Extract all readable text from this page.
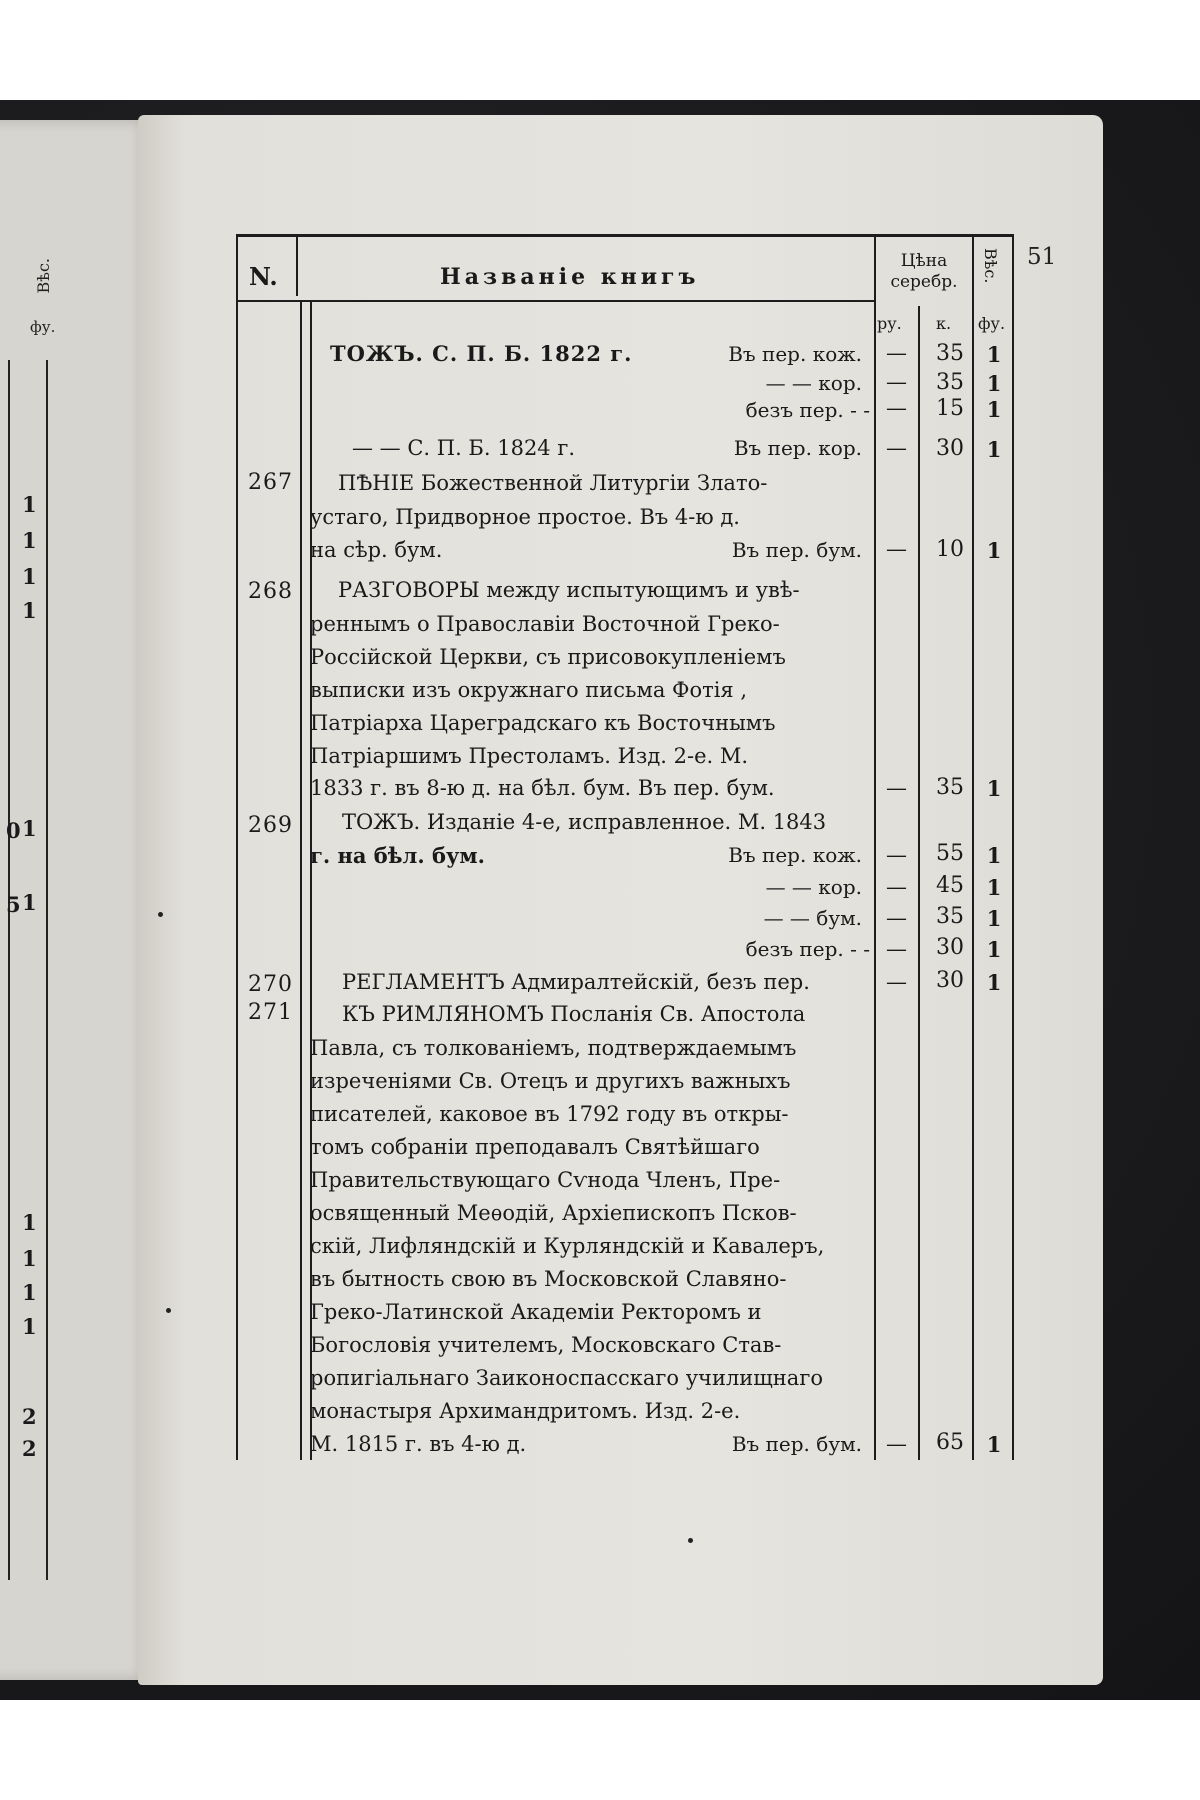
Вѣс.
фу.
1
1
1
1
0 1
5 1
1
1
1
1
2
2
51
N.	Названіе книгъ
Цѣна серебр.	Вѣс.
ру. к. фу.
ТОЖЪ. С. П. Б. 1822 г.	Въ пер. кож. — 35 1
— — кор. — 35 1
безъ пер. - - — 15 1
— — С. П. Б. 1824 г.	Въ пер. кор. — 30 1
267 ПѢНІЕ Божественной Литургіи Злато-
устаго, Придворное простое. Въ 4-ю д.
на сѣр. бум.	Въ пер. бум. — 10 1
268 РАЗГОВОРЫ между испытующимъ и увѣ-
реннымъ о Православіи Восточной Греко-
Россійской Церкви, съ присовокупленіемъ
выписки изъ окружнаго письма Фотія ,
Патріарха Цареградскаго къ Восточнымъ
Патріаршимъ Престоламъ. Изд. 2-е. М.
1833 г. въ 8-ю д. на бѣл. бум. Въ пер. бум.	— 35 1
269 ТОЖЪ. Изданіе 4-е, исправленное. М. 1843
г. на бѣл. бум.	Въ пер. кож. — 55 1
— — кор. — 45 1
— — бум. — 35 1
безъ пер. - - — 30 1
270 РЕГЛАМЕНТЪ Адмиралтейскій, безъ пер.	— 30 1
271 КЪ РИМЛЯНОМЪ Посланія Св. Апостола
Павла, съ толкованіемъ, подтверждаемымъ
изреченіями Св. Отецъ и другихъ важныхъ
писателей, каковое въ 1792 году въ откры-
томъ собраніи преподавалъ Святѣйшаго
Правительствующаго Сѵнода Членъ, Пре-
освященный Меѳодій, Архіепископъ Псков-
скій, Лифляндскій и Курляндскій и Кавалеръ,
въ бытность свою въ Московской Славяно-
Греко-Латинской Академіи Ректоромъ и
Богословія учителемъ, Московскаго Став-
ропигіальнаго Заиконоспасскаго училищнаго
монастыря Архимандритомъ. Изд. 2-е.
М. 1815 г. въ 4-ю д.	Въ пер. бум. — 65 1
